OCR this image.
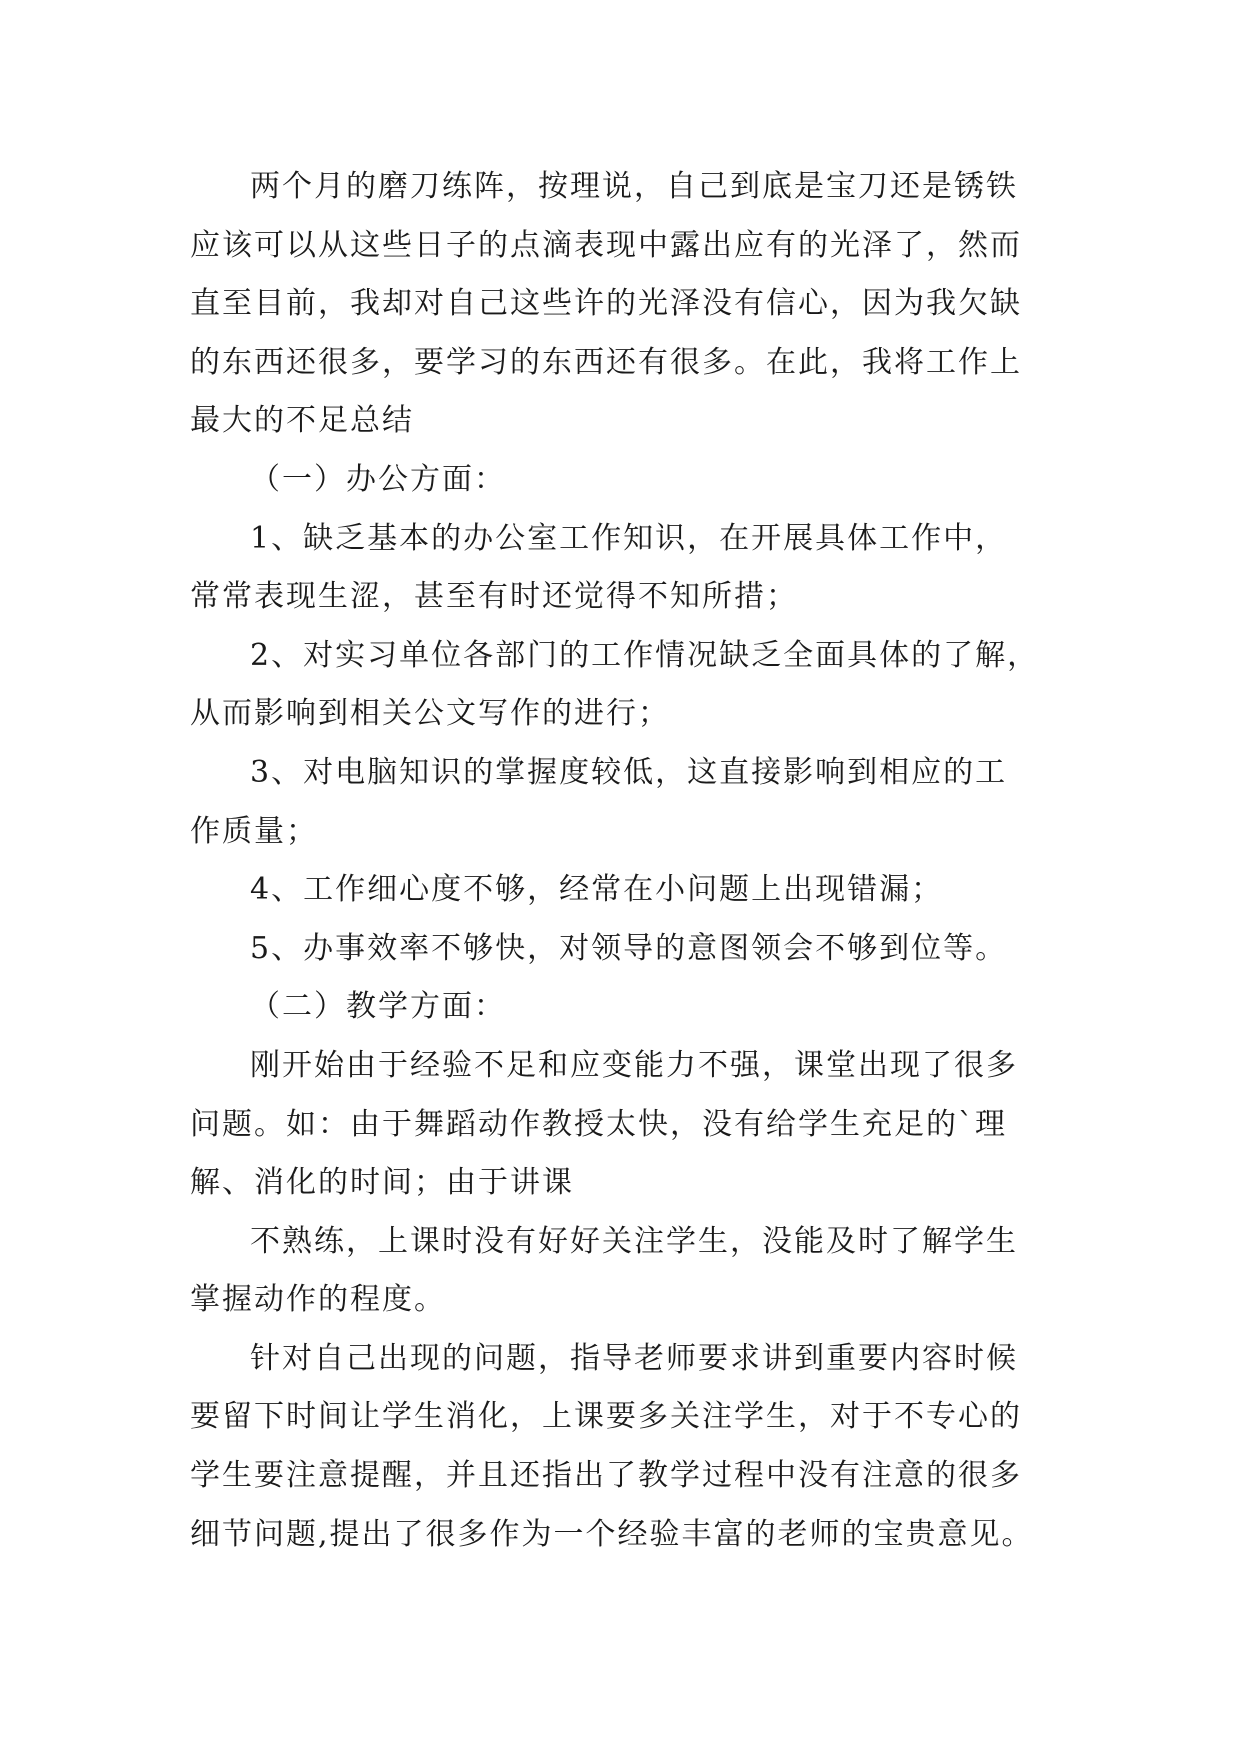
两个月的磨刀练阵，按理说，自己到底是宝刀还是锈铁
应该可以从这些日子的点滴表现中露出应有的光泽了，然而
直至目前，我却对自己这些许的光泽没有信心，因为我欠缺
的东西还很多，要学习的东西还有很多。在此，我将工作上
最大的不足总结
（一）办公方面：
1、缺乏基本的办公室工作知识，在开展具体工作中，
常常表现生涩，甚至有时还觉得不知所措；
2、对实习单位各部门的工作情况缺乏全面具体的了解，
从而影响到相关公文写作的进行；
3、对电脑知识的掌握度较低，这直接影响到相应的工
作质量；
4、工作细心度不够，经常在小问题上出现错漏；
5、办事效率不够快，对领导的意图领会不够到位等。
（二）教学方面：
刚开始由于经验不足和应变能力不强，课堂出现了很多
问题。如：由于舞蹈动作教授太快，没有给学生充足的`理
解、消化的时间；由于讲课
不熟练，上课时没有好好关注学生，没能及时了解学生
掌握动作的程度。
针对自己出现的问题，指导老师要求讲到重要内容时候
要留下时间让学生消化，上课要多关注学生，对于不专心的
学生要注意提醒，并且还指出了教学过程中没有注意的很多
细节问题,提出了很多作为一个经验丰富的老师的宝贵意见。
